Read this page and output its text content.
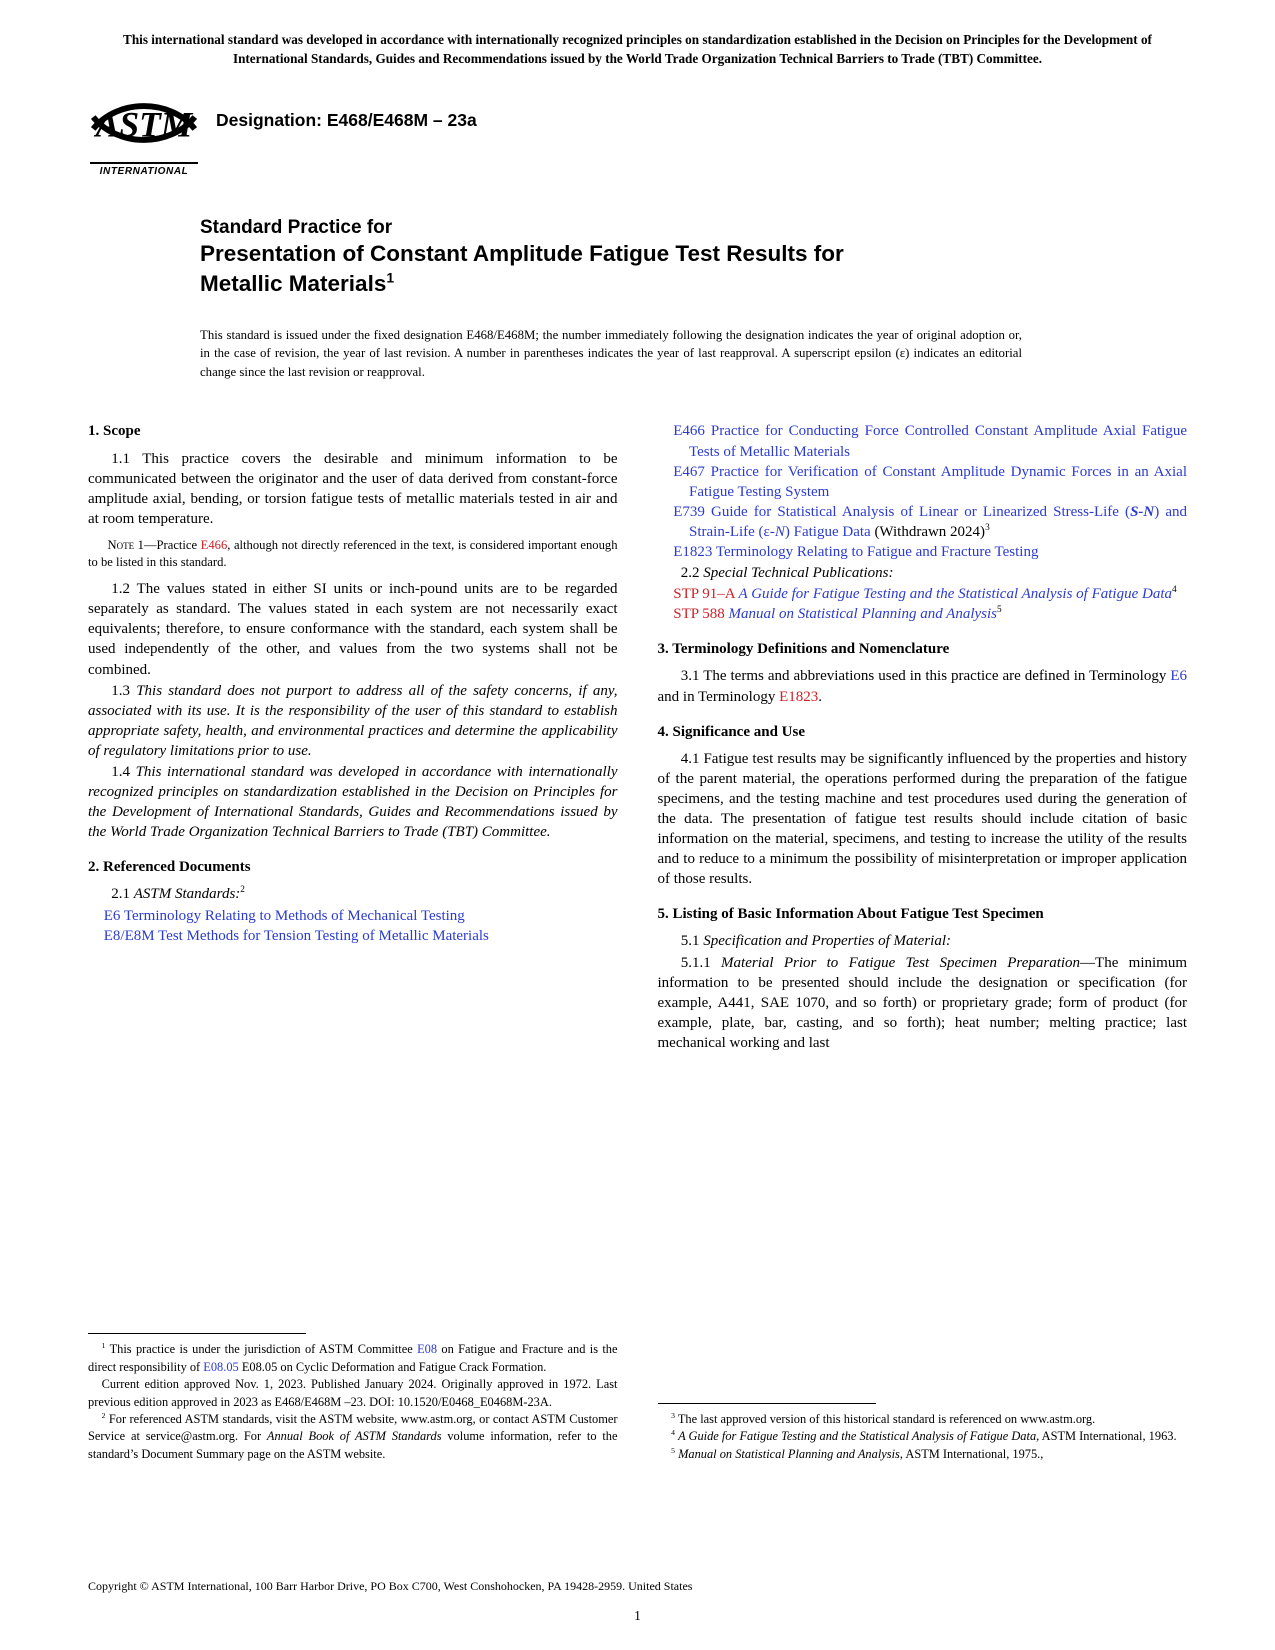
This international standard was developed in accordance with internationally recognized principles on standardization established in the Decision on Principles for the Development of International Standards, Guides and Recommendations issued by the World Trade Organization Technical Barriers to Trade (TBT) Committee.
ASTM
INTERNATIONAL
Designation: E468/E468M – 23a
Standard Practice for
Presentation of Constant Amplitude Fatigue Test Results for
Metallic Materials$^1$
This standard is issued under the fixed designation E468/E468M; the number immediately following the designation indicates the year of original adoption or, in the case of revision, the year of last revision. A number in parentheses indicates the year of last reapproval. A superscript epsilon (ε) indicates an editorial change since the last revision or reapproval.
1. Scope
1.1 This practice covers the desirable and minimum information to be communicated between the originator and the user of data derived from constant-force amplitude axial, bending, or torsion fatigue tests of metallic materials tested in air and at room temperature.
Note 1—Practice E466, although not directly referenced in the text, is considered important enough to be listed in this standard.
1.2 The values stated in either SI units or inch-pound units are to be regarded separately as standard. The values stated in each system are not necessarily exact equivalents; therefore, to ensure conformance with the standard, each system shall be used independently of the other, and values from the two systems shall not be combined.
1.3 This standard does not purport to address all of the safety concerns, if any, associated with its use. It is the responsibility of the user of this standard to establish appropriate safety, health, and environmental practices and determine the applicability of regulatory limitations prior to use.
1.4 This international standard was developed in accordance with internationally recognized principles on standardization established in the Decision on Principles for the Development of International Standards, Guides and Recommendations issued by the World Trade Organization Technical Barriers to Trade (TBT) Committee.
2. Referenced Documents
2.1 ASTM Standards:$^2$
E6 Terminology Relating to Methods of Mechanical Testing
E8/E8M Test Methods for Tension Testing of Metallic Materials
$^1$ This practice is under the jurisdiction of ASTM Committee E08 on Fatigue and Fracture and is the direct responsibility of E08.05 E08.05 on Cyclic Deformation and Fatigue Crack Formation.
Current edition approved Nov. 1, 2023. Published January 2024. Originally approved in 1972. Last previous edition approved in 2023 as E468/E468M –23. DOI: 10.1520/E0468_E0468M-23A.
$^2$ For referenced ASTM standards, visit the ASTM website, www.astm.org, or contact ASTM Customer Service at service@astm.org. For Annual Book of ASTM Standards volume information, refer to the standard’s Document Summary page on the ASTM website.
E466 Practice for Conducting Force Controlled Constant Amplitude Axial Fatigue Tests of Metallic Materials
E467 Practice for Verification of Constant Amplitude Dynamic Forces in an Axial Fatigue Testing System
E739 Guide for Statistical Analysis of Linear or Linearized Stress-Life (S-N) and Strain-Life (ε-N) Fatigue Data (Withdrawn 2024)$^3$
E1823 Terminology Relating to Fatigue and Fracture Testing
2.2 Special Technical Publications:
STP 91–A A Guide for Fatigue Testing and the Statistical Analysis of Fatigue Data$^4$
STP 588 Manual on Statistical Planning and Analysis$^5$
3. Terminology Definitions and Nomenclature
3.1 The terms and abbreviations used in this practice are defined in Terminology E6 and in Terminology E1823.
4. Significance and Use
4.1 Fatigue test results may be significantly influenced by the properties and history of the parent material, the operations performed during the preparation of the fatigue specimens, and the testing machine and test procedures used during the generation of the data. The presentation of fatigue test results should include citation of basic information on the material, specimens, and testing to increase the utility of the results and to reduce to a minimum the possibility of misinterpretation or improper application of those results.
5. Listing of Basic Information About Fatigue Test Specimen
5.1 Specification and Properties of Material:
5.1.1 Material Prior to Fatigue Test Specimen Preparation—The minimum information to be presented should include the designation or specification (for example, A441, SAE 1070, and so forth) or proprietary grade; form of product (for example, plate, bar, casting, and so forth); heat number; melting practice; last mechanical working and last
$^3$ The last approved version of this historical standard is referenced on www.astm.org.
$^4$ A Guide for Fatigue Testing and the Statistical Analysis of Fatigue Data, ASTM International, 1963.
$^5$ Manual on Statistical Planning and Analysis, ASTM International, 1975.,
Copyright © ASTM International, 100 Barr Harbor Drive, PO Box C700, West Conshohocken, PA 19428-2959. United States
1
